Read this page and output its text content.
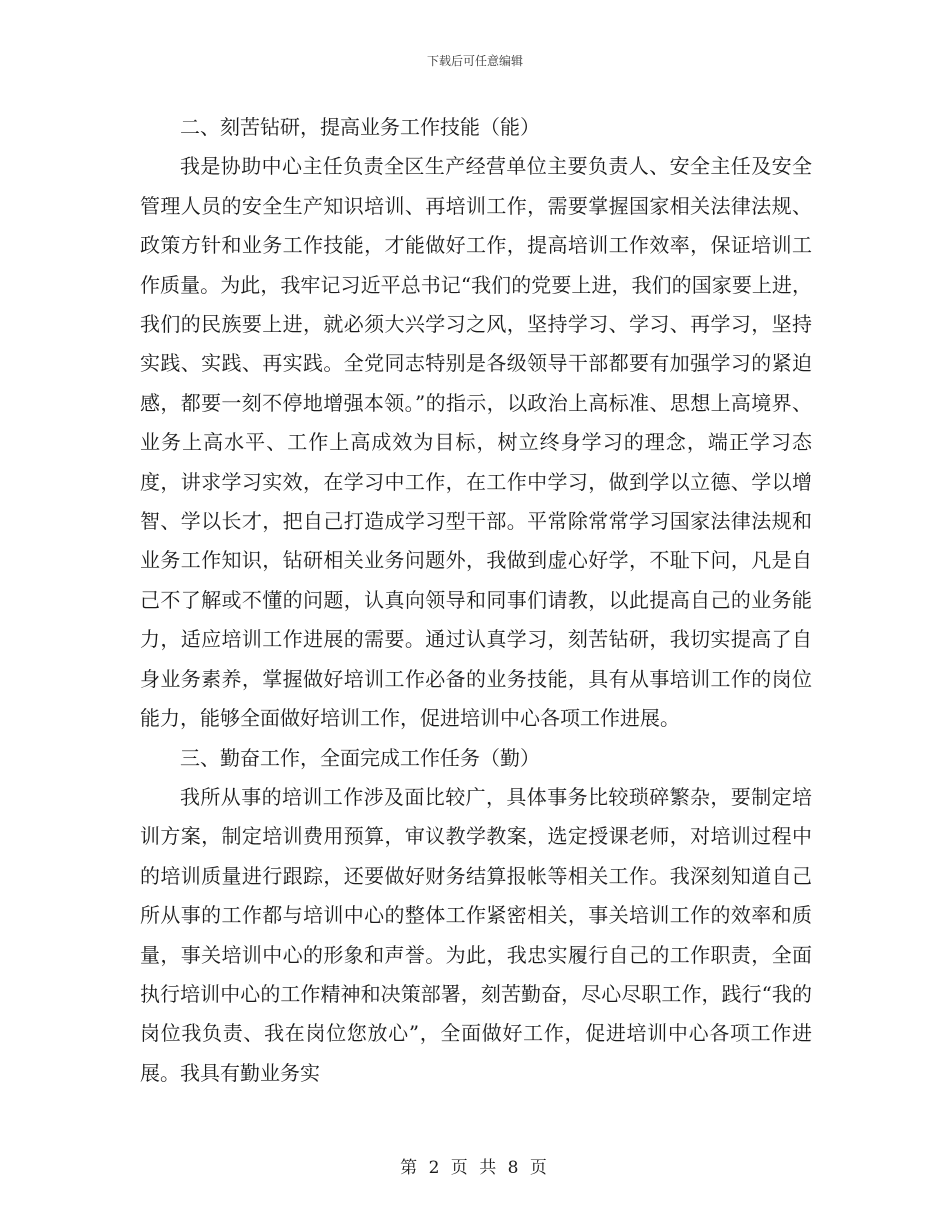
下载后可任意编辑

二、刻苦钻研，提高业务工作技能（能）

我是协助中心主任负责全区生产经营单位主要负责人、安全主任及安全管理人员的安全生产知识培训、再培训工作，需要掌握国家相关法律法规、政策方针和业务工作技能，才能做好工作，提高培训工作效率，保证培训工作质量。为此，我牢记习近平总书记“我们的党要上进，我们的国家要上进，我们的民族要上进，就必须大兴学习之风，坚持学习、学习、再学习，坚持实践、实践、再实践。全党同志特别是各级领导干部都要有加强学习的紧迫感，都要一刻不停地增强本领。”的指示，以政治上高标准、思想上高境界、业务上高水平、工作上高成效为目标，树立终身学习的理念，端正学习态度，讲求学习实效，在学习中工作，在工作中学习，做到学以立德、学以增智、学以长才，把自己打造成学习型干部。平常除常常学习国家法律法规和业务工作知识，钻研相关业务问题外，我做到虚心好学，不耻下问，凡是自己不了解或不懂的问题，认真向领导和同事们请教，以此提高自己的业务能力，适应培训工作进展的需要。通过认真学习，刻苦钻研，我切实提高了自身业务素养，掌握做好培训工作必备的业务技能，具有从事培训工作的岗位能力，能够全面做好培训工作，促进培训中心各项工作进展。

三、勤奋工作，全面完成工作任务（勤）

我所从事的培训工作涉及面比较广，具体事务比较琐碎繁杂，要制定培训方案，制定培训费用预算，审议教学教案，选定授课老师，对培训过程中的培训质量进行跟踪，还要做好财务结算报帐等相关工作。我深刻知道自己所从事的工作都与培训中心的整体工作紧密相关，事关培训工作的效率和质量，事关培训中心的形象和声誉。为此，我忠实履行自己的工作职责，全面执行培训中心的工作精神和决策部署，刻苦勤奋，尽心尽职工作，践行“我的岗位我负责、我在岗位您放心”，全面做好工作，促进培训中心各项工作进展。我具有勤业务实

第 2 页 共 8 页
